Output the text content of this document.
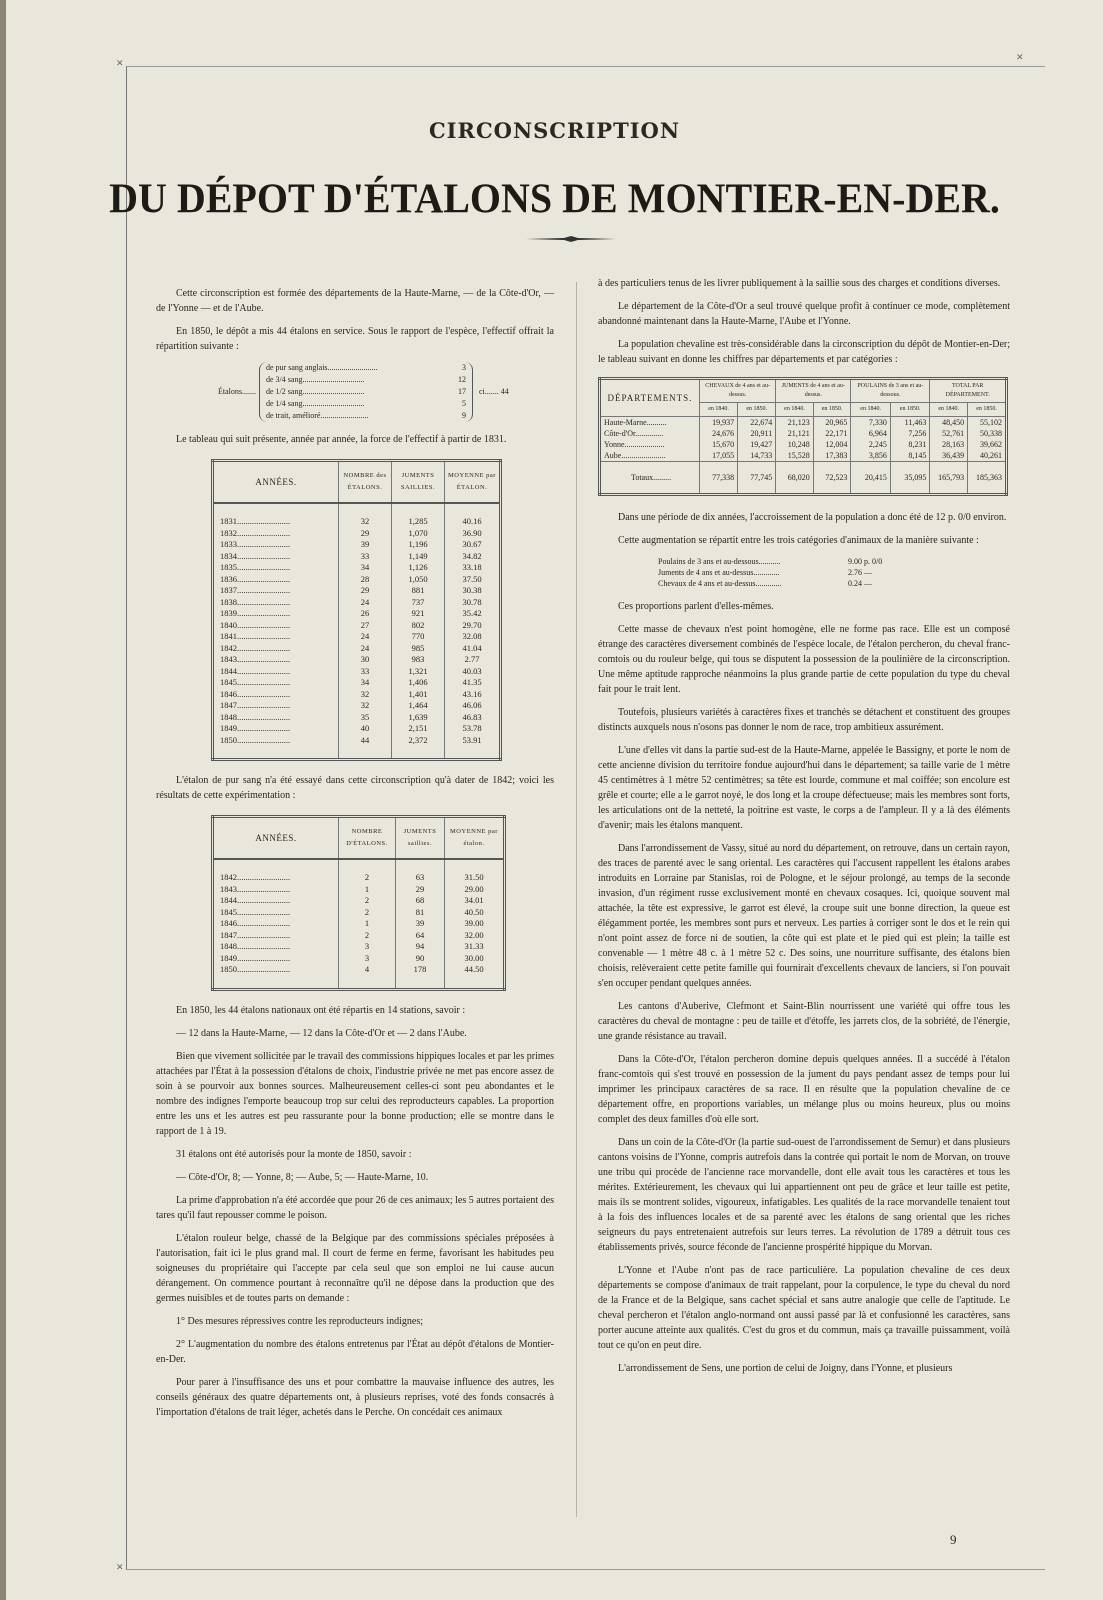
✕
✕
✕
CIRCONSCRIPTION
DU DÉPOT D'ÉTALONS DE MONTIER-EN-DER.

Cette circonscription est formée des départements de la Haute-Marne, — de la Côte-d'Or, — de l'Yonne — et de l'Aube.

En 1850, le dépôt a mis 44 étalons en service. Sous le rapport de l'espèce, l'effectif offrait la répartition suivante :

Étalons.......
de pur sang anglais.........................	3
de 3/4 sang...............................	12
de 1/2 sang...............................	17
de 1/4 sang...............................	5
de trait, amélioré........................	9
ci....... 44

Le tableau qui suit présente, année par année, la force de l'effectif à partir de 1831.

ANNÉES.	NOMBRE des ÉTALONS.	JUMENTS SAILLIES.	MOYENNE par ÉTALON.
1831.........................	32	1,285	40.16
1832.........................	29	1,070	36.90
1833.........................	39	1,196	30.67
1834.........................	33	1,149	34.82
1835.........................	34	1,126	33.18
1836.........................	28	1,050	37.50
1837.........................	29	881	30.38
1838.........................	24	737	30.78
1839.........................	26	921	35.42
1840.........................	27	802	29.70
1841.........................	24	770	32.08
1842.........................	24	985	41.04
1843.........................	30	983	2.77
1844.........................	33	1,321	40.03
1845.........................	34	1,406	41.35
1846.........................	32	1,401	43.16
1847.........................	32	1,464	46.06
1848.........................	35	1,639	46.83
1849.........................	40	2,151	53.78
1850.........................	44	2,372	53.91

L'étalon de pur sang n'a été essayé dans cette circonscription qu'à dater de 1842; voici les résultats de cette expérimentation :

ANNÉES.	NOMBRE D'ÉTALONS.	JUMENTS saillies.	MOYENNE par étalon.
1842.........................	2	63	31.50
1843.........................	1	29	29.00
1844.........................	2	68	34.01
1845.........................	2	81	40.50
1846.........................	1	39	39.00
1847.........................	2	64	32.00
1848.........................	3	94	31.33
1849.........................	3	90	30.00
1850.........................	4	178	44.50

En 1850, les 44 étalons nationaux ont été répartis en 14 stations, savoir :

— 12 dans la Haute-Marne, — 12 dans la Côte-d'Or et — 2 dans l'Aube.

Bien que vivement sollicitée par le travail des commissions hippiques locales et par les primes attachées par l'État à la possession d'étalons de choix, l'industrie privée ne met pas encore assez de soin à se pourvoir aux bonnes sources. Malheureusement celles-ci sont peu abondantes et le nombre des indignes l'emporte beaucoup trop sur celui des reproducteurs capables. La proportion entre les uns et les autres est peu rassurante pour la bonne production; elle se montre dans le rapport de 1 à 19.

31 étalons ont été autorisés pour la monte de 1850, savoir :

— Côte-d'Or, 8; — Yonne, 8; — Aube, 5; — Haute-Marne, 10.

La prime d'approbation n'a été accordée que pour 26 de ces animaux; les 5 autres portaient des tares qu'il faut repousser comme le poison.

L'étalon rouleur belge, chassé de la Belgique par des commissions spéciales préposées à l'autorisation, fait ici le plus grand mal. Il court de ferme en ferme, favorisant les habitudes peu soigneuses du propriétaire qui l'accepte par cela seul que son emploi ne lui cause aucun dérangement. On commence pourtant à reconnaître qu'il ne dépose dans la production que des germes nuisibles et de toutes parts on demande :

1° Des mesures répressives contre les reproducteurs indignes;

2° L'augmentation du nombre des étalons entretenus par l'État au dépôt d'étalons de Montier-en-Der.

Pour parer à l'insuffisance des uns et pour combattre la mauvaise influence des autres, les conseils généraux des quatre départements ont, à plusieurs reprises, voté des fonds consacrés à l'importation d'étalons de trait léger, achetés dans le Perche. On concédait ces animaux

à des particuliers tenus de les livrer publiquement à la saillie sous des charges et conditions diverses.

Le département de la Côte-d'Or a seul trouvé quelque profit à continuer ce mode, complètement abandonné maintenant dans la Haute-Marne, l'Aube et l'Yonne.

La population chevaline est très-considérable dans la circonscription du dépôt de Montier-en-Der; le tableau suivant en donne les chiffres par départements et par catégories :

DÉPARTEMENTS.	CHEVAUX de 4 ans et au-dessus.		JUMENTS de 4 ans et au-dessus.		POULAINS de 3 ans et au-dessous.		TOTAL PAR DÉPARTEMENT.	
	en 1840.	en 1850.	en 1840.	en 1850.	en 1840.	en 1850.	en 1840.	en 1850.
Haute-Marne..........	19,937	22,674	21,123	20,965	7,330	11,463	48,450	55,102
Côte-d'Or..............	24,676	20,911	21,121	22,171	6,964	7,256	52,761	50,338
Yonne....................	15,670	19,427	10,248	12,004	2,245	8,231	28,163	39,662
Aube......................	17,055	14,733	15,528	17,383	3,856	8,145	36,439	40,261
Totaux.........	77,338	77,745	68,020	72,523	20,415	35,095	165,793	185,363

Dans une période de dix années, l'accroissement de la population a donc été de 12 p. 0/0 environ.

Cette augmentation se répartit entre les trois catégories d'animaux de la manière suivante :

Poulains de 3 ans et au-dessous...........	9.00 p. 0/0
Juments de 4 ans et au-dessus.............	2.76 —
Chevaux de 4 ans et au-dessus.............	0.24 —

Ces proportions parlent d'elles-mêmes.

Cette masse de chevaux n'est point homogène, elle ne forme pas race. Elle est un composé étrange des caractères diversement combinés de l'espèce locale, de l'étalon percheron, du cheval franc-comtois ou du rouleur belge, qui tous se disputent la possession de la poulinière de la circonscription. Une même aptitude rapproche néanmoins la plus grande partie de cette population du type du cheval fait pour le trait lent.

Toutefois, plusieurs variétés à caractères fixes et tranchés se détachent et constituent des groupes distincts auxquels nous n'osons pas donner le nom de race, trop ambitieux assurément.

L'une d'elles vit dans la partie sud-est de la Haute-Marne, appelée le Bassigny, et porte le nom de cette ancienne division du territoire fondue aujourd'hui dans le département; sa taille varie de 1 mètre 45 centimètres à 1 mètre 52 centimètres; sa tête est lourde, commune et mal coiffée; son encolure est grêle et courte; elle a le garrot noyé, le dos long et la croupe défectueuse; mais les membres sont forts, les articulations ont de la netteté, la poitrine est vaste, le corps a de l'ampleur. Il y a là des éléments d'avenir; mais les étalons manquent.

Dans l'arrondissement de Vassy, situé au nord du département, on retrouve, dans un certain rayon, des traces de parenté avec le sang oriental. Les caractères qui l'accusent rappellent les étalons arabes introduits en Lorraine par Stanislas, roi de Pologne, et le séjour prolongé, au temps de la seconde invasion, d'un régiment russe exclusivement monté en chevaux cosaques. Ici, quoique souvent mal attachée, la tête est expressive, le garrot est élevé, la croupe suit une bonne direction, la queue est élégamment portée, les membres sont purs et nerveux. Les parties à corriger sont le dos et le rein qui n'ont point assez de force ni de soutien, la côte qui est plate et le pied qui est plein; la taille est convenable — 1 mètre 48 c. à 1 mètre 52 c. Des soins, une nourriture suffisante, des étalons bien choisis, relèveraient cette petite famille qui fournirait d'excellents chevaux de lanciers, si l'on pouvait s'en occuper pendant quelques années.

Les cantons d'Auberive, Clefmont et Saint-Blin nourrissent une variété qui offre tous les caractères du cheval de montagne : peu de taille et d'étoffe, les jarrets clos, de la sobriété, de l'énergie, une grande résistance au travail.

Dans la Côte-d'Or, l'étalon percheron domine depuis quelques années. Il a succédé à l'étalon franc-comtois qui s'est trouvé en possession de la jument du pays pendant assez de temps pour lui imprimer les principaux caractères de sa race. Il en résulte que la population chevaline de ce département offre, en proportions variables, un mélange plus ou moins heureux, plus ou moins complet des deux familles d'où elle sort.

Dans un coin de la Côte-d'Or (la partie sud-ouest de l'arrondissement de Semur) et dans plusieurs cantons voisins de l'Yonne, compris autrefois dans la contrée qui portait le nom de Morvan, on trouve une tribu qui procède de l'ancienne race morvandelle, dont elle avait tous les caractères et tous les mérites. Extérieurement, les chevaux qui lui appartiennent ont peu de grâce et leur taille est petite, mais ils se montrent solides, vigoureux, infatigables. Les qualités de la race morvandelle tenaient tout à la fois des influences locales et de sa parenté avec les étalons de sang oriental que les riches seigneurs du pays entretenaient autrefois sur leurs terres. La révolution de 1789 a détruit tous ces établissements privés, source féconde de l'ancienne prospérité hippique du Morvan.

L'Yonne et l'Aube n'ont pas de race particulière. La population chevaline de ces deux départements se compose d'animaux de trait rappelant, pour la corpulence, le type du cheval du nord de la France et de la Belgique, sans cachet spécial et sans autre analogie que celle de l'aptitude. Le cheval percheron et l'étalon anglo-normand ont aussi passé par là et confusionné les caractères, sans porter aucune atteinte aux qualités. C'est du gros et du commun, mais ça travaille puissamment, voilà tout ce qu'on en peut dire.

L'arrondissement de Sens, une portion de celui de Joigny, dans l'Yonne, et plusieurs

9
